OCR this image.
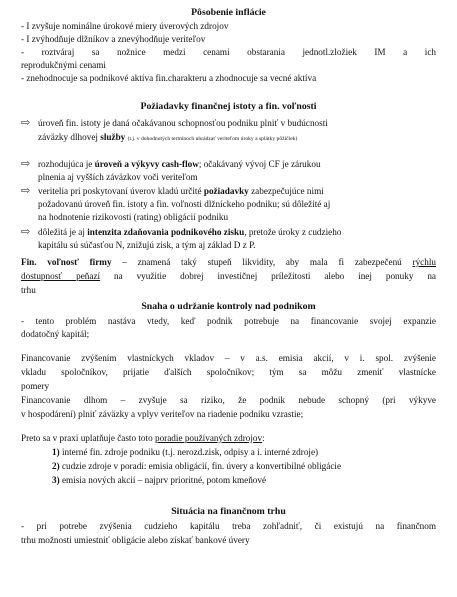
Pôsobenie inflácie
- I zvyšuje nominálne úrokové miery úverových zdrojov
- I zvýhodňuje dlžníkov a znevýhodňuje veriteľov
- roztváraj sa nožnice medzi cenami obstarania jednotl.zložiek IM a ich
reprodukčnými cenami
- znehodnocuje sa podnikové aktíva fin.charakteru a zhodnocuje sa vecné aktíva
Požiadavky finančnej istoty a fin. voľnosti
⇨ úroveň fin. istoty je daná očakávanou schopnosťou podniku plniť v budúcnosti
záväzky dlhovej služby (t.j. v dohodnutých termínoch uhrádzať veriteľom úroky a splátky pôžičiek)
⇨ rozhodujúca je úroveň a výkyvy cash-flow; očakávaný vývoj CF je zárukou
plnenia aj vyšších záväzkov voči veriteľom
⇨ veritelia pri poskytovaní úverov kladú určité požiadavky zabezpečujúce nimi
požadovanú úroveň fin. istoty a fin. voľnosti dlžníckeho podniku; sú dôležité aj
na hodnotenie rizikovosti (rating) obligácií podniku
⇨ dôležitá je aj intenzita zdaňovania podnikového zisku, pretože úroky z cudzieho
kapitálu sú súčasťou N, znižujú zisk, a tým aj základ D z P.
Fin. voľnosť firmy – znamená taký stupeň likvidity, aby mala fi zabezpečenú rýchlu
dostupnosť peňazí na využitie dobrej investičnej príležitosti alebo inej ponuky na
trhu
Snaha o udržanie kontroly nad podnikom
- tento problém nastáva vtedy, keď podnik potrebuje na financovanie svojej expanzie
dodatočný kapitál;
Financovanie zvýšením vlastníckych vkladov – v a.s. emisia akcií, v i. spol. zvýšenie
vkladu spoločníkov, prijatie ďalších spoločníkov; tým sa môžu zmeniť vlastnícke
pomery
Financovanie dlhom – zvyšuje sa riziko, že podnik nebude schopný (pri výkyve
v hospodárení) plniť záväzky a vplyv veriteľov na riadenie podniku vzrastie;
Preto sa v praxi uplatňuje často toto poradie používaných zdrojov:
1) interné fin. zdroje podniku (t.j. nerozd.zisk, odpisy a i. interné zdroje)
2) cudzie zdroje v poradí: emisia obligácií, fin. úvery a konvertibilné obligácie
3) emisia nových akcií – najprv prioritné, potom kmeňové
Situácia na finančnom trhu
- pri potrebe zvýšenia cudzieho kapitálu treba zohľadniť, či existujú na finančnom
trhu možnosti umiestniť obligácie alebo získať bankové úvery
